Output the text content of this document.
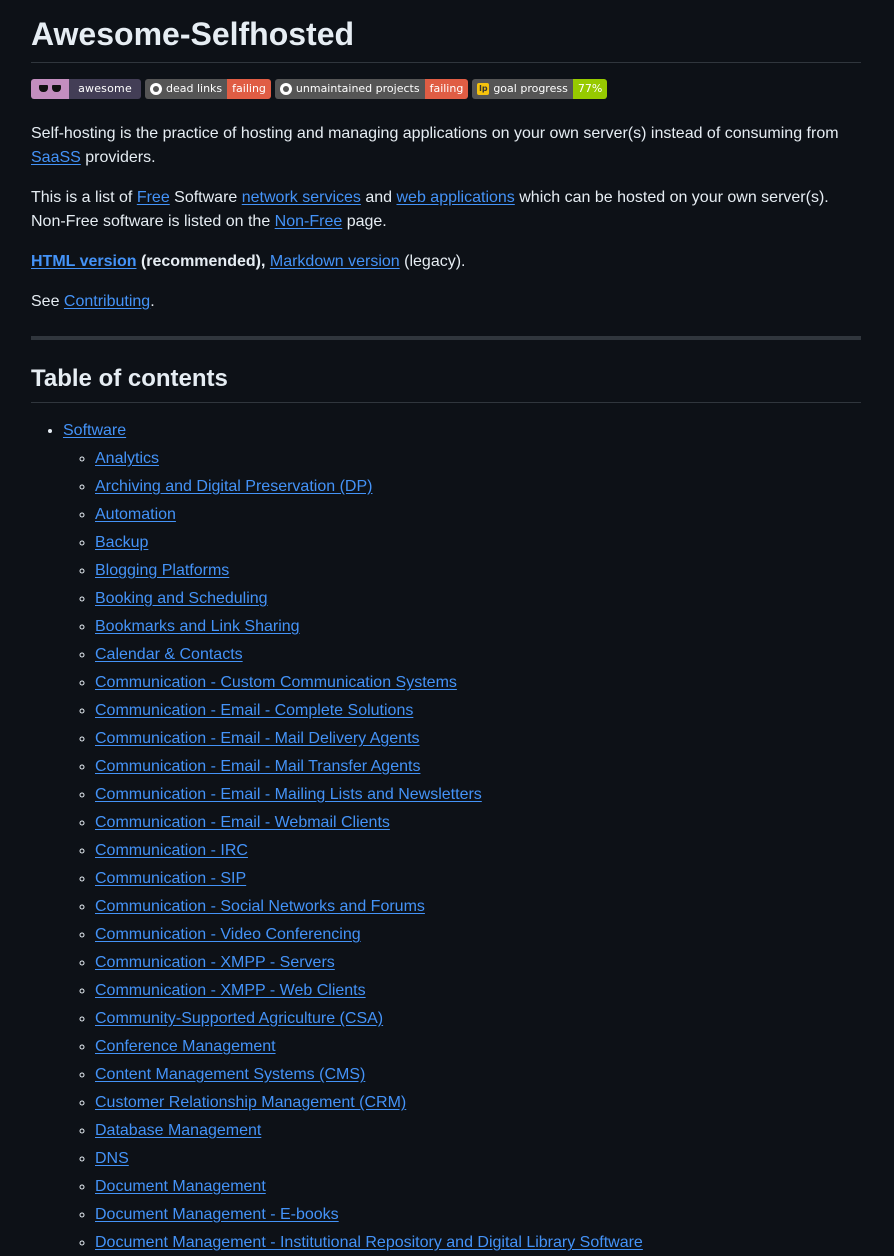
Awesome-Selfhosted
awesome	dead links failing	unmaintained projects failing	lp goal progress 77%

Self-hosting is the practice of hosting and managing applications on your own server(s) instead of consuming from SaaSS providers.

This is a list of Free Software network services and web applications which can be hosted on your own server(s). Non-Free software is listed on the Non-Free page.

HTML version (recommended), Markdown version (legacy).

See Contributing.

Table of contents
• Software
◦ Analytics
◦ Archiving and Digital Preservation (DP)
◦ Automation
◦ Backup
◦ Blogging Platforms
◦ Booking and Scheduling
◦ Bookmarks and Link Sharing
◦ Calendar & Contacts
◦ Communication - Custom Communication Systems
◦ Communication - Email - Complete Solutions
◦ Communication - Email - Mail Delivery Agents
◦ Communication - Email - Mail Transfer Agents
◦ Communication - Email - Mailing Lists and Newsletters
◦ Communication - Email - Webmail Clients
◦ Communication - IRC
◦ Communication - SIP
◦ Communication - Social Networks and Forums
◦ Communication - Video Conferencing
◦ Communication - XMPP - Servers
◦ Communication - XMPP - Web Clients
◦ Community-Supported Agriculture (CSA)
◦ Conference Management
◦ Content Management Systems (CMS)
◦ Customer Relationship Management (CRM)
◦ Database Management
◦ DNS
◦ Document Management
◦ Document Management - E-books
◦ Document Management - Institutional Repository and Digital Library Software
